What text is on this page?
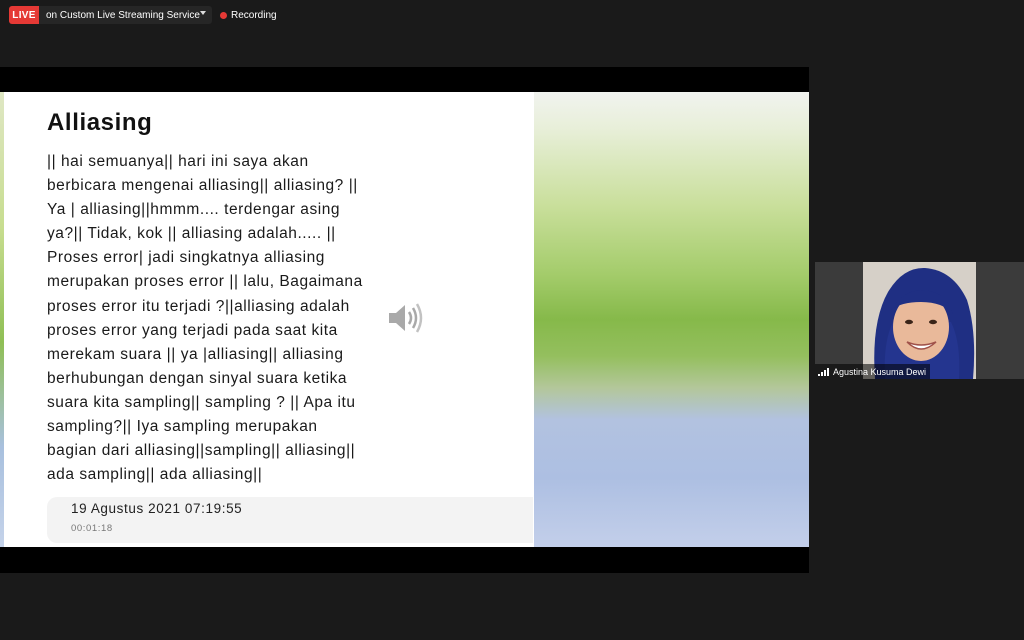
LIVE	on Custom Live Streaming Service	Recording
Alliasing
|| hai semuanya|| hari ini saya akan
berbicara mengenai alliasing|| alliasing? ||
Ya | alliasing||hmmm.... terdengar asing
ya?|| Tidak, kok || alliasing adalah..... ||
Proses error| jadi singkatnya alliasing
merupakan proses error || lalu, Bagaimana
proses error itu terjadi ?||alliasing adalah
proses error yang terjadi pada saat kita
merekam suara || ya |alliasing|| alliasing
berhubungan dengan sinyal suara ketika
suara kita sampling|| sampling ? || Apa itu
sampling?|| Iya sampling merupakan
bagian dari alliasing||sampling|| alliasing||
ada sampling|| ada alliasing||
19 Agustus 2021 07:19:55
00:01:18
Agustina Kusuma Dewi
